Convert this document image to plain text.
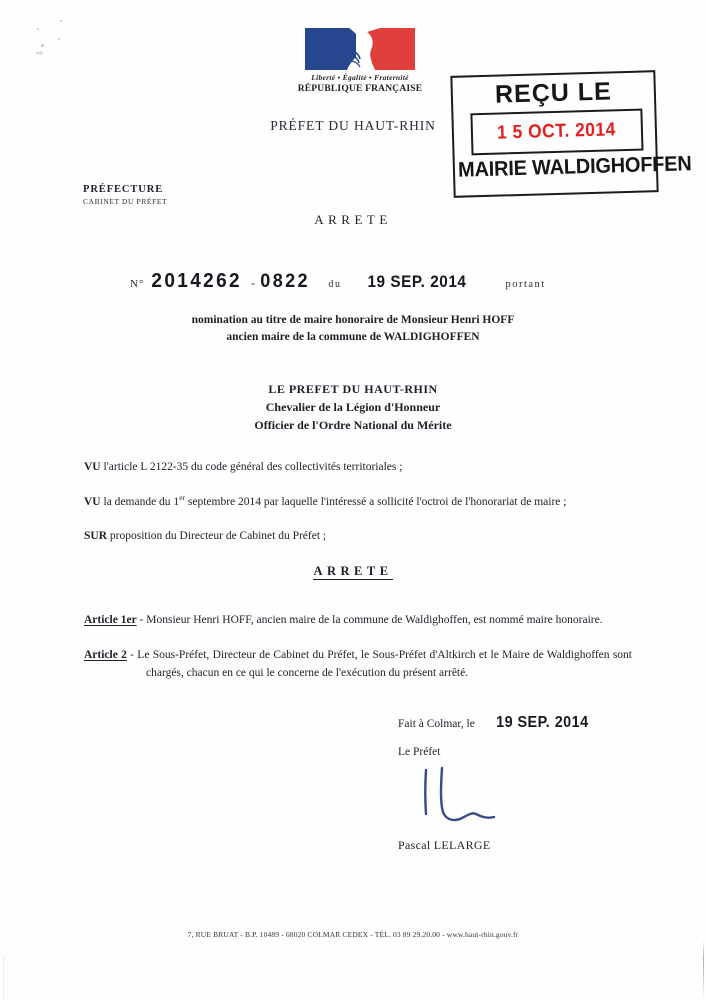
Liberté • Égalité • Fraternité
RÉPUBLIQUE FRANÇAISE
PRÉFET DU HAUT-RHIN
REÇU LE
1 5 OCT. 2014
MAIRIE WALDIGHOFFEN
PRÉFECTURE
CABINET DU PRÉFET
ARRETE
N° 2014262 - 0822 du 19 SEP. 2014	portant
nomination au titre de maire honoraire de Monsieur Henri HOFF
ancien maire de la commune de WALDIGHOFFEN
LE PREFET DU HAUT-RHIN
Chevalier de la Légion d'Honneur
Officier de l'Ordre National du Mérite
VU l'article L 2122-35 du code général des collectivités territoriales ;
VU la demande du 1er septembre 2014 par laquelle l'intéressé a sollicité l'octroi de l'honorariat de maire ;
SUR proposition du Directeur de Cabinet du Préfet ;
ARRETE
Article 1er - Monsieur Henri HOFF, ancien maire de la commune de Waldighoffen, est nommé maire honoraire.
Article 2 - Le Sous-Préfet, Directeur de Cabinet du Préfet, le Sous-Préfet d'Altkirch et le Maire de Waldighoffen sont chargés, chacun en ce qui le concerne de l'exécution du présent arrêté.
Fait à Colmar, le 19 SEP. 2014
Le Préfet
Pascal LELARGE
7, RUE BRUAT - B.P. 10489 - 68020 COLMAR CEDEX - TÉL. 03 89 29.20.00 - www.haut-rhin.gouv.fr
